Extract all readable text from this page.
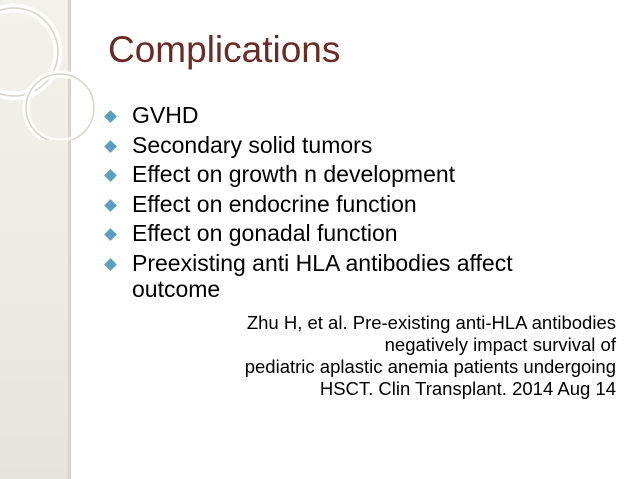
Complications
GVHD
Secondary solid tumors
Effect on growth n development
Effect on endocrine function
Effect on gonadal function
Preexisting anti HLA antibodies affect outcome

Zhu H, et al. Pre-existing anti-HLA antibodies
negatively impact survival of
pediatric aplastic anemia patients undergoing
HSCT. Clin Transplant. 2014 Aug 14
